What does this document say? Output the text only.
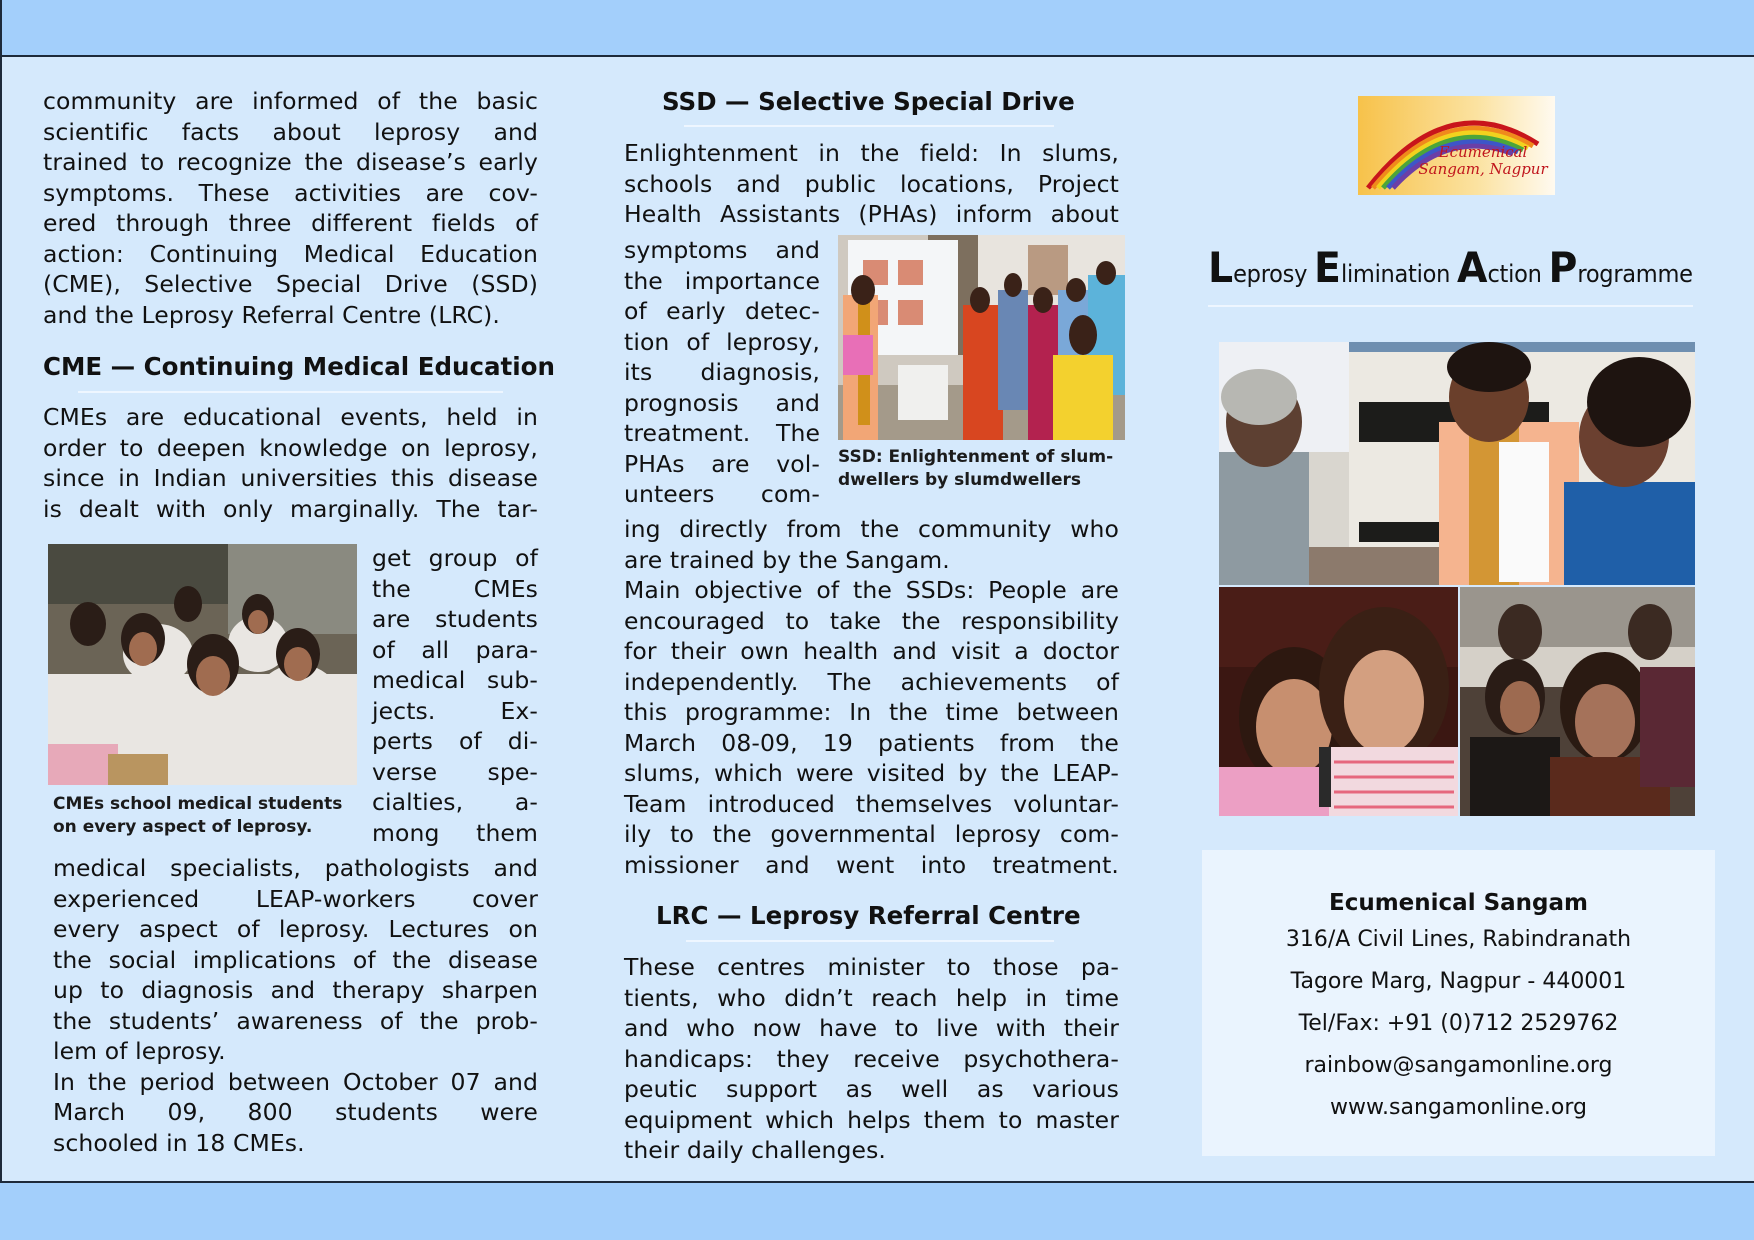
community are informed of the basic
scientific facts about leprosy and
trained to recognize the disease’s early
symptoms. These activities are cov-
ered through three different fields of
action: Continuing Medical Education
(CME), Selective Special Drive (SSD)
and the Leprosy Referral Centre (LRC).
CME — Continuing Medical Education
CMEs are educational events, held in
order to deepen knowledge on leprosy,
since in Indian universities this disease
is dealt with only marginally. The tar-
CMEs school medical students
on every aspect of leprosy.
get group of
the CMEs
are students
of all para-
medical sub-
jects. Ex-
perts of di-
verse spe-
cialties, a-
mong them
medical specialists, pathologists and
experienced LEAP-workers cover
every aspect of leprosy. Lectures on
the social implications of the disease
up to diagnosis and therapy sharpen
the students’ awareness of the prob-
lem of leprosy.
In the period between October 07 and
March 09, 800 students were
schooled in 18 CMEs.
SSD — Selective Special Drive
Enlightenment in the field: In slums,
schools and public locations, Project
Health Assistants (PHAs) inform about
symptoms and
the importance
of early detec-
tion of leprosy,
its diagnosis,
prognosis and
treatment. The
PHAs are vol-
unteers com-
SSD: Enlightenment of slum-
dwellers by slumdwellers
ing directly from the community who
are trained by the Sangam.
Main objective of the SSDs: People are
encouraged to take the responsibility
for their own health and visit a doctor
independently. The achievements of
this programme: In the time between
March 08-09, 19 patients from the
slums, which were visited by the LEAP-
Team introduced themselves voluntar-
ily to the governmental leprosy com-
missioner and went into treatment.
LRC — Leprosy Referral Centre
These centres minister to those pa-
tients, who didn’t reach help in time
and who now have to live with their
handicaps: they receive psychothera-
peutic support as well as various
equipment which helps them to master
their daily challenges.
Ecumenical
Sangam, Nagpur
Leprosy Elimination Action Programme
Ecumenical Sangam
316/A Civil Lines, Rabindranath
Tagore Marg, Nagpur - 440001
Tel/Fax: +91 (0)712 2529762
rainbow@sangamonline.org
www.sangamonline.org
